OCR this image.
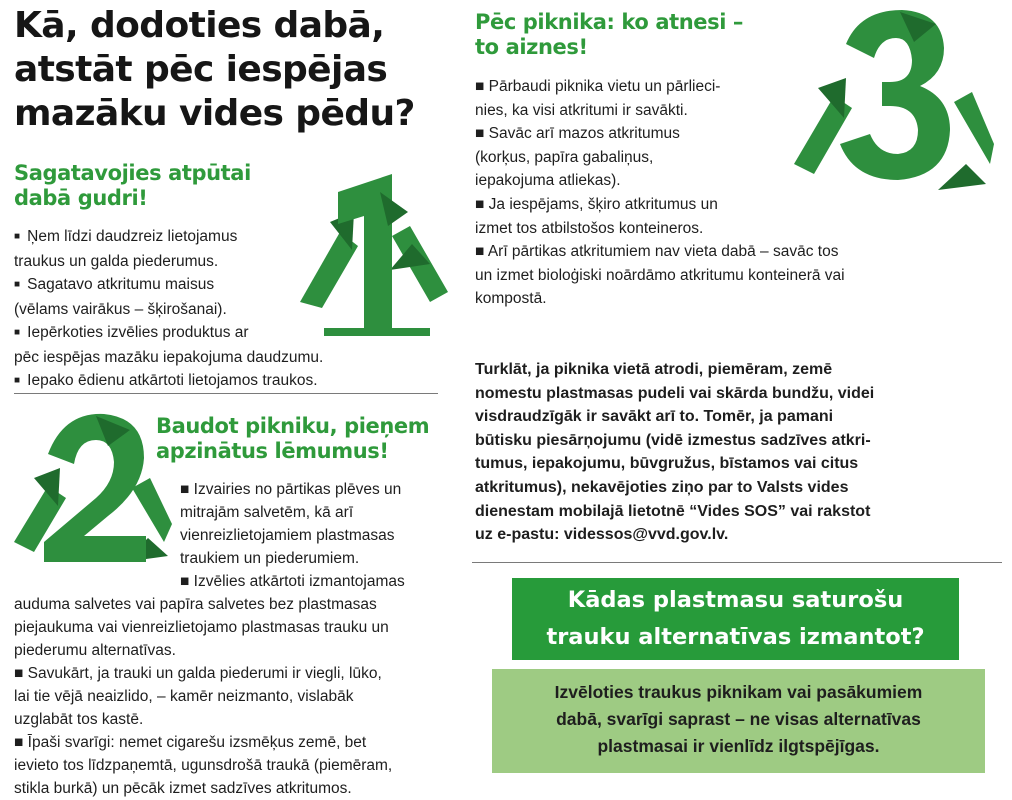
Kā, dodoties dabā,
atstāt pēc iespējas
mazāku vides pēdu?
Sagatavojies atpūtai
dabā gudri!
■ Ņem līdzi daudzreiz lietojamus
traukus un galda piederumus.
■ Sagatavo atkritumu maisus
(vēlams vairākus – šķirošanai).
■ Iepērkoties izvēlies produktus ar
pēc iespējas mazāku iepakojuma daudzumu.
■ Iepako ēdienu atkārtoti lietojamos traukos.
Baudot pikniku, pieņem
apzinātus lēmumus!
■ Izvairies no pārtikas plēves un
mitrajām salvetēm, kā arī
vienreizlietojamiem plastmasas
traukiem un piederumiem.
■ Izvēlies atkārtoti izmantojamas
auduma salvetes vai papīra salvetes bez plastmasas
piejaukuma vai vienreizlietojamo plastmasas trauku un
piederumu alternatīvas.
■ Savukārt, ja trauki un galda piederumi ir viegli, lūko,
lai tie vējā neaizlido, – kamēr neizmanto, vislabāk
uzglabāt tos kastē.
■ Īpaši svarīgi: nemet cigarešu izsmēķus zemē, bet
ievieto tos līdzpaņemtā, ugunsdrošā traukā (piemēram,
stikla burkā) un pēcāk izmet sadzīves atkritumos.
Pēc piknika: ko atnesi –
to aiznes!
■ Pārbaudi piknika vietu un pārlieci-
nies, ka visi atkritumi ir savākti.
■ Savāc arī mazos atkritumus
(korķus, papīra gabaliņus,
iepakojuma atliekas).
■ Ja iespējams, šķiro atkritumus un
izmet tos atbilstošos konteineros.
■ Arī pārtikas atkritumiem nav vieta dabā – savāc tos
un izmet bioloģiski noārdāmo atkritumu konteinerā vai
kompostā.
Turklāt, ja piknika vietā atrodi, piemēram, zemē
nomestu plastmasas pudeli vai skārda bundžu, videi
visdraudzīgāk ir savākt arī to. Tomēr, ja pamani
būtisku piesārņojumu (vidē izmestus sadzīves atkri-
tumus, iepakojumu, būvgružus, bīstamos vai citus
atkritumus), nekavējoties ziņo par to Valsts vides
dienestam mobilajā lietotnē “Vides SOS” vai rakstot
uz e-pastu: videssos@vvd.gov.lv.
Kādas plastmasu saturošu
trauku alternatīvas izmantot?
Izvēloties traukus piknikam vai pasākumiem
dabā, svarīgi saprast – ne visas alternatīvas
plastmasai ir vienlīdz ilgtspējīgas.
